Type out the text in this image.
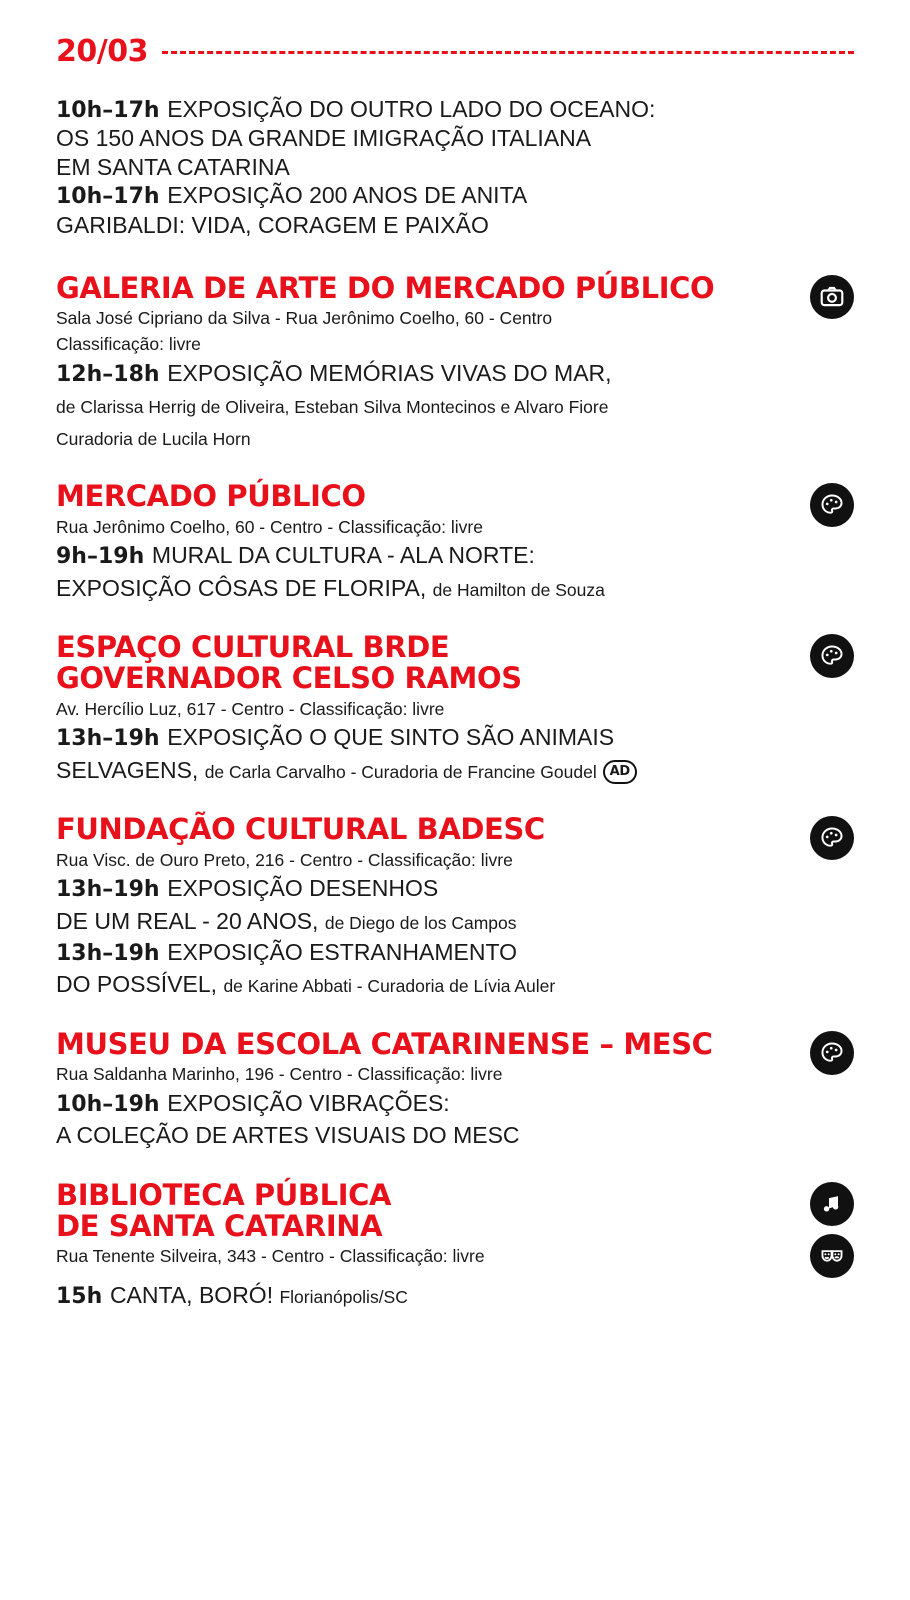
20/03
10h–17h EXPOSIÇÃO DO OUTRO LADO DO OCEANO:
OS 150 ANOS DA GRANDE IMIGRAÇÃO ITALIANA
EM SANTA CATARINA
10h–17h EXPOSIÇÃO 200 ANOS DE ANITA
GARIBALDI: VIDA, CORAGEM E PAIXÃO
GALERIA DE ARTE DO MERCADO PÚBLICO
Sala José Cipriano da Silva - Rua Jerônimo Coelho, 60 - Centro
Classificação: livre
12h–18h EXPOSIÇÃO MEMÓRIAS VIVAS DO MAR,
de Clarissa Herrig de Oliveira, Esteban Silva Montecinos e Alvaro Fiore
Curadoria de Lucila Horn
MERCADO PÚBLICO
Rua Jerônimo Coelho, 60 - Centro - Classificação: livre
9h–19h MURAL DA CULTURA - ALA NORTE:
EXPOSIÇÃO CÔSAS DE FLORIPA, de Hamilton de Souza
ESPAÇO CULTURAL BRDE
GOVERNADOR CELSO RAMOS
Av. Hercílio Luz, 617 - Centro - Classificação: livre
13h–19h EXPOSIÇÃO O QUE SINTO SÃO ANIMAIS
SELVAGENS, de Carla Carvalho - Curadoria de Francine Goudel AD
FUNDAÇÃO CULTURAL BADESC
Rua Visc. de Ouro Preto, 216 - Centro - Classificação: livre
13h–19h EXPOSIÇÃO DESENHOS
DE UM REAL - 20 ANOS, de Diego de los Campos
13h–19h EXPOSIÇÃO ESTRANHAMENTO
DO POSSÍVEL, de Karine Abbati - Curadoria de Lívia Auler
MUSEU DA ESCOLA CATARINENSE – MESC
Rua Saldanha Marinho, 196 - Centro - Classificação: livre
10h–19h EXPOSIÇÃO VIBRAÇÕES:
A COLEÇÃO DE ARTES VISUAIS DO MESC
BIBLIOTECA PÚBLICA
DE SANTA CATARINA
Rua Tenente Silveira, 343 - Centro - Classificação: livre
15h CANTA, BORÓ! Florianópolis/SC
